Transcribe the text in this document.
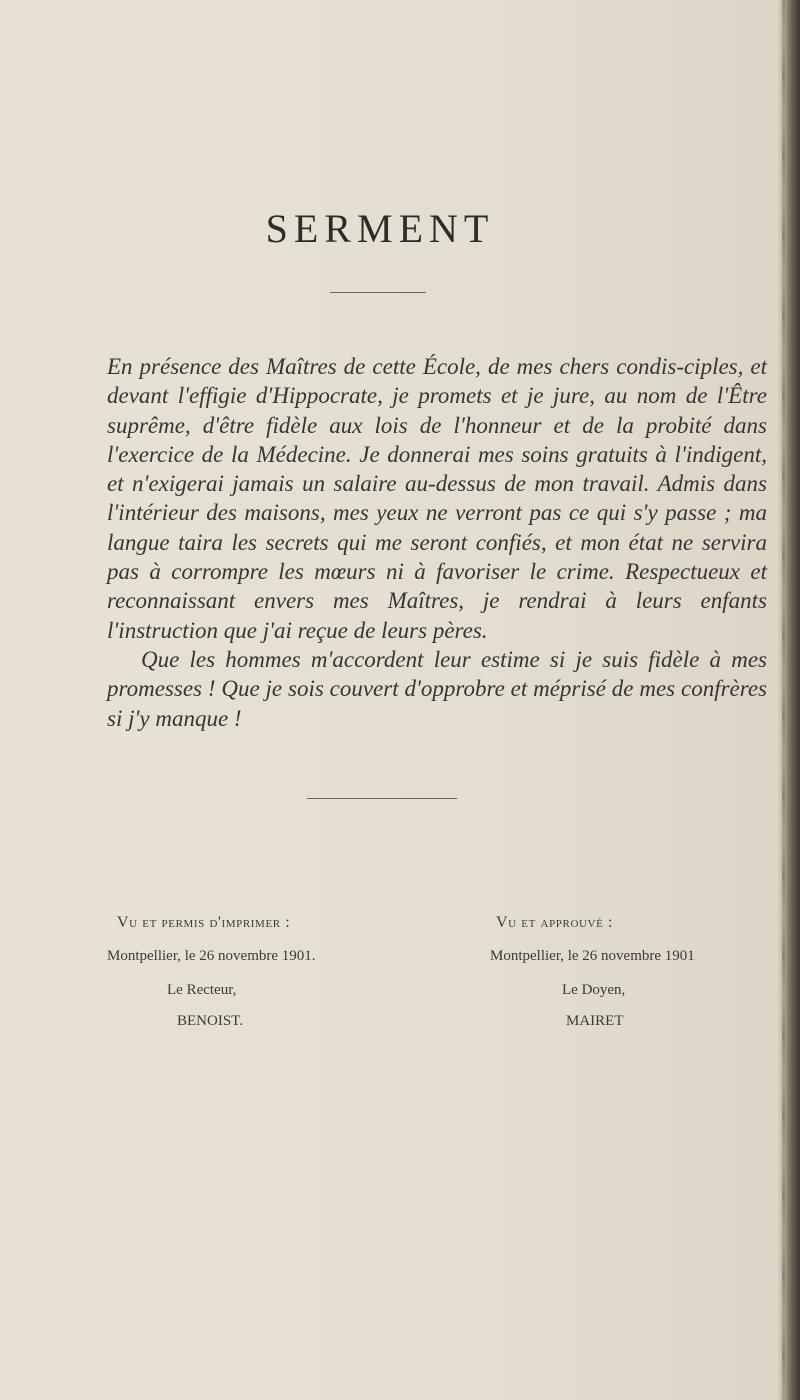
SERMENT

En présence des Maîtres de cette École, de mes chers condis-ciples, et devant l'effigie d'Hippocrate, je promets et je jure, au nom de l'Être suprême, d'être fidèle aux lois de l'honneur et de la probité dans l'exercice de la Médecine. Je donnerai mes soins gratuits à l'indigent, et n'exigerai jamais un salaire au-dessus de mon travail. Admis dans l'intérieur des maisons, mes yeux ne verront pas ce qui s'y passe ; ma langue taira les secrets qui me seront confiés, et mon état ne servira pas à corrompre les mœurs ni à favoriser le crime. Respectueux et reconnaissant envers mes Maîtres, je rendrai à leurs enfants l'instruction que j'ai reçue de leurs pères.

Que les hommes m'accordent leur estime si je suis fidèle à mes promesses ! Que je sois couvert d'opprobre et méprisé de mes confrères si j'y manque !

Vu et permis d'imprimer :
Montpellier, le 26 novembre 1901.
Le Recteur,
BENOIST.
Vu et approuvé :
Montpellier, le 26 novembre 1901
Le Doyen,
MAIRET
